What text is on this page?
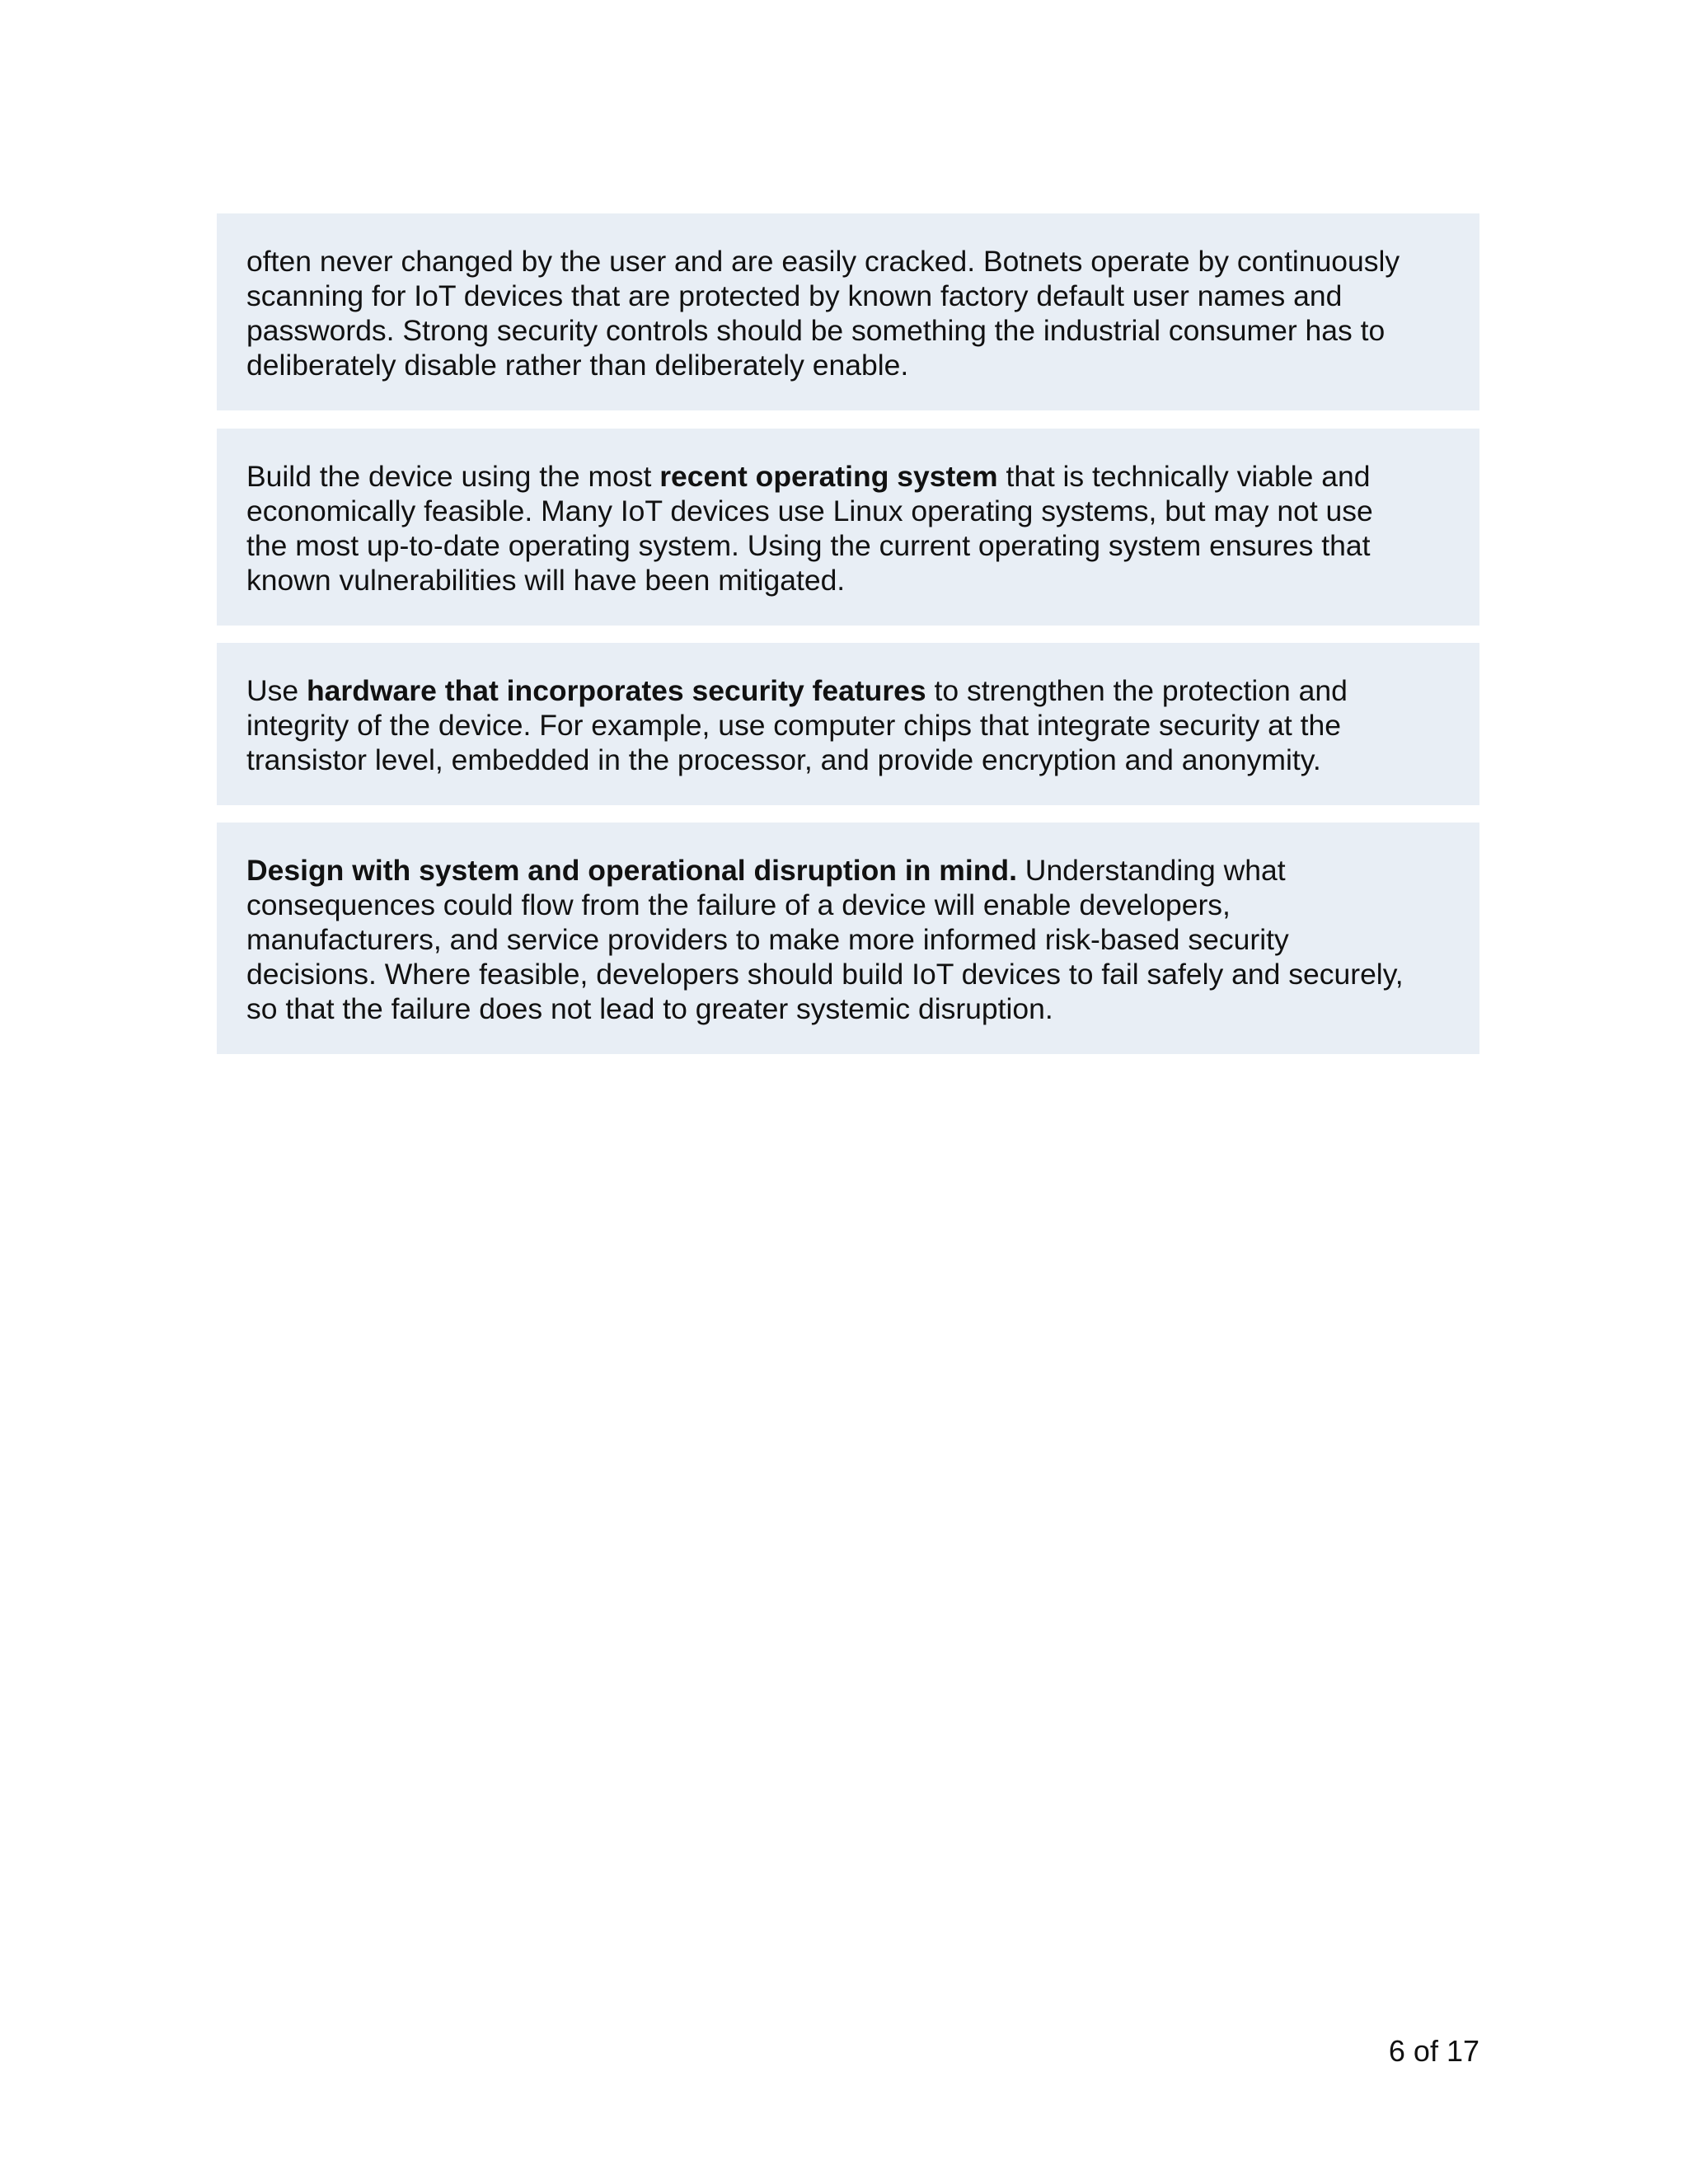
often never changed by the user and are easily cracked. Botnets operate by continuously
scanning for IoT devices that are protected by known factory default user names and
passwords. Strong security controls should be something the industrial consumer has to
deliberately disable rather than deliberately enable.

Build the device using the most recent operating system that is technically viable and
economically feasible. Many IoT devices use Linux operating systems, but may not use
the most up-to-date operating system. Using the current operating system ensures that
known vulnerabilities will have been mitigated.

Use hardware that incorporates security features to strengthen the protection and
integrity of the device. For example, use computer chips that integrate security at the
transistor level, embedded in the processor, and provide encryption and anonymity.

Design with system and operational disruption in mind. Understanding what
consequences could flow from the failure of a device will enable developers,
manufacturers, and service providers to make more informed risk-based security
decisions. Where feasible, developers should build IoT devices to fail safely and securely,
so that the failure does not lead to greater systemic disruption.

6 of 17
